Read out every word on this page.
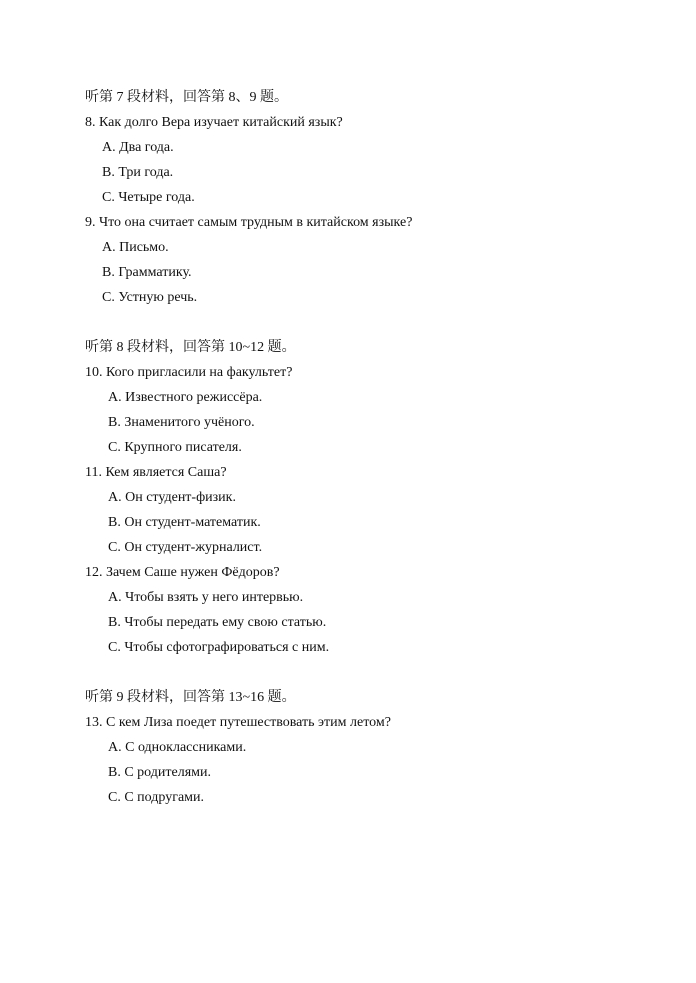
听第 7 段材料，回答第 8、9 题。
8. Как долго Вера изучает китайский язык?
A. Два года.
B. Три года.
C. Четыре года.
9. Что она считает самым трудным в китайском языке?
A. Письмо.
B. Грамматику.
C. Устную речь.
听第 8 段材料，回答第 10~12 题。
10. Кого пригласили на факультет?
A. Известного режиссёра.
B. Знаменитого учёного.
C. Крупного писателя.
11. Кем является Саша?
A. Он студент-физик.
B. Он студент-математик.
C. Он студент-журналист.
12. Зачем Саше нужен Фёдоров?
A. Чтобы взять у него интервью.
B. Чтобы передать ему свою статью.
C. Чтобы сфотографироваться с ним.
听第 9 段材料，回答第 13~16 题。
13. С кем Лиза поедет путешествовать этим летом?
A. С одноклассниками.
B. С родителями.
C. С подругами.
